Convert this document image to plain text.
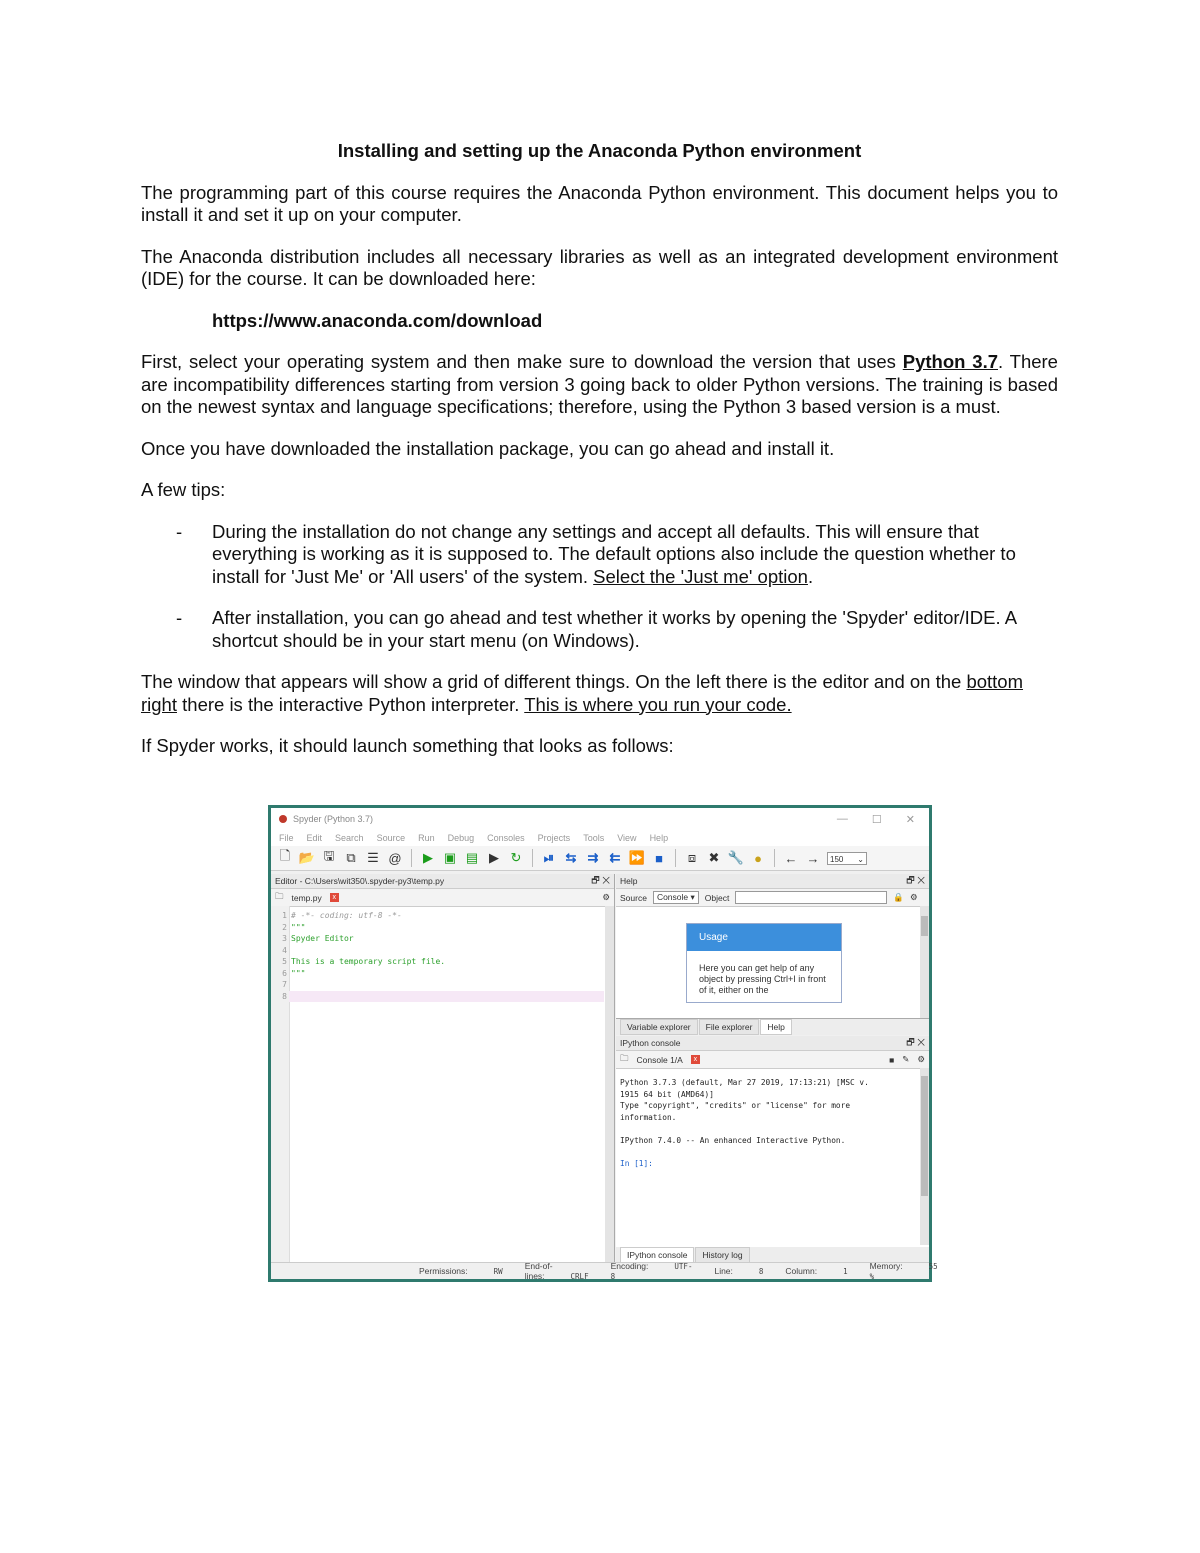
Installing and setting up the Anaconda Python environment

The programming part of this course requires the Anaconda Python environment. This document helps you to install it and set it up on your computer.

The Anaconda distribution includes all necessary libraries as well as an integrated development environment (IDE) for the course. It can be downloaded here:

https://www.anaconda.com/download

First, select your operating system and then make sure to download the version that uses Python 3.7. There are incompatibility differences starting from version 3 going back to older Python versions. The training is based on the newest syntax and language specifications; therefore, using the Python 3 based version is a must.

Once you have downloaded the installation package, you can go ahead and install it.

A few tips:

- During the installation do not change any settings and accept all defaults. This will ensure that everything is working as it is supposed to. The default options also include the question whether to install for 'Just Me' or 'All users' of the system. Select the 'Just me' option.
- After installation, you can go ahead and test whether it works by opening the 'Spyder' editor/IDE. A shortcut should be in your start menu (on Windows).

The window that appears will show a grid of different things. On the left there is the editor and on the bottom right there is the interactive Python interpreter. This is where you run your code.

If Spyder works, it should launch something that looks as follows:

Spyder (Python 3.7)	— ☐ ✕
File Edit Search Source Run Debug Consoles Projects Tools View Help
🗋 📂 🖫 ⧉ ☰ @ ▶ ▣ ▤ ▶ ↻ ⏯ ⇆ ⇉ ⇇ ⏩ ■	⧈ ✖ 🔧 ●	← → 150 ⌄
Editor - C:\Users\wit350\.spyder-py3\temp.py	🗗 ✕
🗀 temp.py	x	⚙
1 # -*- coding: utf-8 -*-
2 """
3 Spyder Editor
4
5 This is a temporary script file.
6 """
7
8
Help	🗗 ✕
Source	Console ▾	Object	🔒 ⚙
Usage
Here you can get help of any object by pressing Ctrl+I in front of it, either on the
Variable explorer	File explorer	Help
IPython console	🗗 ✕
🗀 Console 1/A	x	■ ✎ ⚙
Python 3.7.3 (default, Mar 27 2019, 17:13:21) [MSC v.
1915 64 bit (AMD64)]
Type "copyright", "credits" or "license" for more
information.

IPython 7.4.0 -- An enhanced Interactive Python.

In [1]:
IPython console	History log
Permissions:	RW
End-of-lines:	CRLF
Encoding:	UTF-8
Line:	8	Column:	1
Memory:	55 %
